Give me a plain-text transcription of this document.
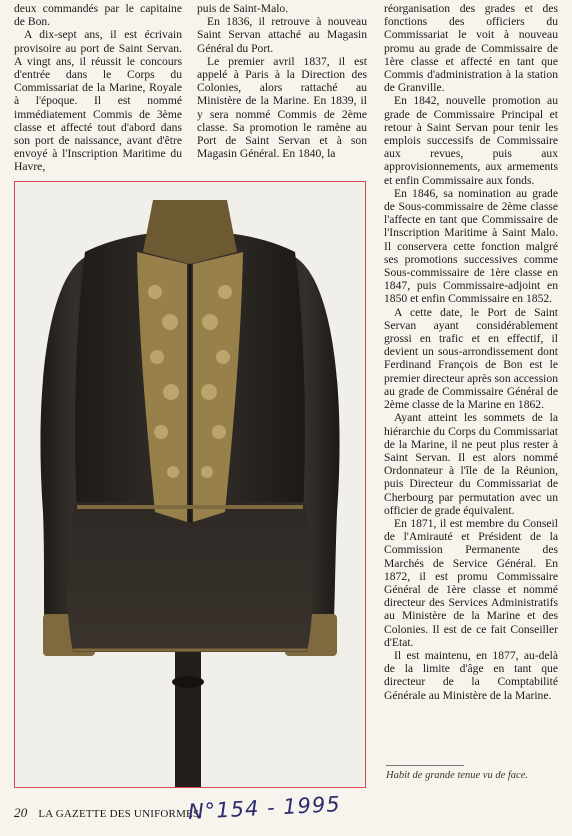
deux commandés par le capitaine de Bon.

A dix-sept ans, il est écrivain provisoire au port de Saint Servan. A vingt ans, il réussit le concours d'entrée dans le Corps du Commissariat de la Marine, Royale à l'époque. Il est nommé immédiatement Commis de 3ème classe et affecté tout d'abord dans son port de naissance, avant d'être envoyé à l'Inscription Maritime du Havre,

puis de Saint-Malo.

En 1836, il retrouve à nouveau Saint Servan attaché au Magasin Général du Port.

Le premier avril 1837, il est appelé à Paris à la Direction des Colonies, alors rattaché au Ministère de la Marine. En 1839, il y sera nommé Commis de 2ème classe. Sa promotion le ramène au Port de Saint Servan et à son Magasin Général. En 1840, la

réorganisation des grades et des fonctions des officiers du Commissariat le voit à nouveau promu au grade de Commissaire de 1ère classe et affecté en tant que Commis d'administration à la station de Granville.

En 1842, nouvelle promotion au grade de Commissaire Principal et retour à Saint Servan pour tenir les emplois successifs de Commissaire aux revues, puis aux approvisionnements, aux armements et enfin Commissaire aux fonds.

En 1846, sa nomination au grade de Sous-commissaire de 2ème classe l'affecte en tant que Commissaire de l'Inscription Maritime à Saint Malo. Il conservera cette fonction malgré ses promotions successives comme Sous-commissaire de 1ère classe en 1847, puis Commissaire-adjoint en 1850 et enfin Commissaire en 1852.

A cette date, le Port de Saint Servan ayant considérablement grossi en trafic et en effectif, il devient un sous-arrondissement dont Ferdinand François de Bon est le premier directeur après son accession au grade de Commissaire Général de 2ème classe de la Marine en 1862.

Ayant atteint les sommets de la hiérarchie du Corps du Commissariat de la Marine, il ne peut plus rester à Saint Servan. Il est alors nommé Ordonnateur à l'île de la Réunion, puis Directeur du Commissariat de Cherbourg par permutation avec un officier de grade équivalent.

En 1871, il est membre du Conseil de l'Amirauté et Président de la Commission Permanente des Marchés de Service Général. En 1872, il est promu Commissaire Général de 1ère classe et nommé directeur des Services Administratifs au Ministère de la Marine et des Colonies. Il est de ce fait Conseiller d'Etat.

Il est maintenu, en 1877, au-delà de la limite d'âge en tant que directeur de la Comptabilité Générale au Ministère de la Marine.

Habit de grande tenue vu de face.
20 LA GAZETTE DES UNIFORMES
N°154 - 1995
